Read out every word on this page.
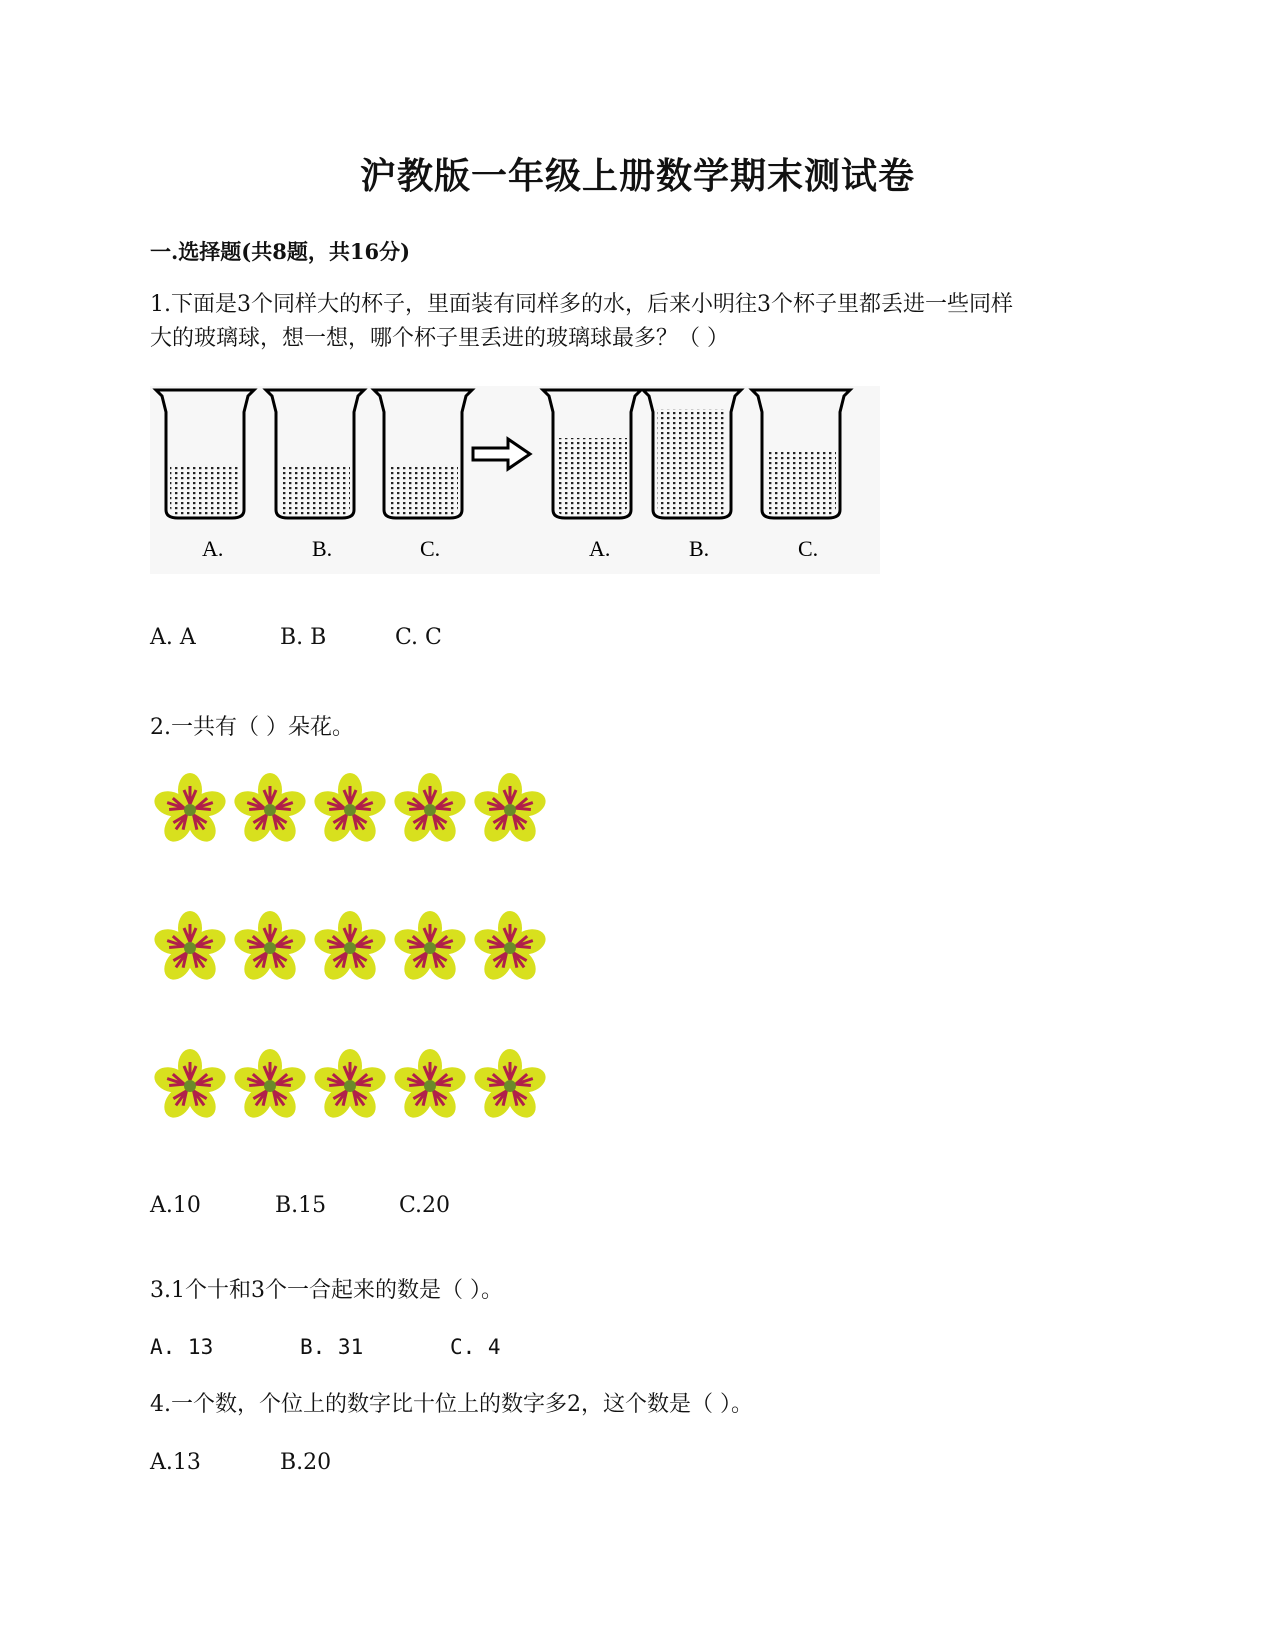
沪教版一年级上册数学期末测试卷
一.选择题(共8题，共16分)
1.下面是3个同样大的杯子，里面装有同样多的水，后来小明往3个杯子里都丢进一些同样
大的玻璃球，想一想，哪个杯子里丢进的玻璃球最多？（ ）
A.	B.	C.	A.	B.	C.
A. A	B. B	C. C
2.一共有（ ）朵花。
A.10	B.15	C.20
3.1个十和3个一合起来的数是（ ）。
A. 13	B. 31	C. 4
4.一个数，个位上的数字比十位上的数字多2，这个数是（ ）。
A.13	B.20
